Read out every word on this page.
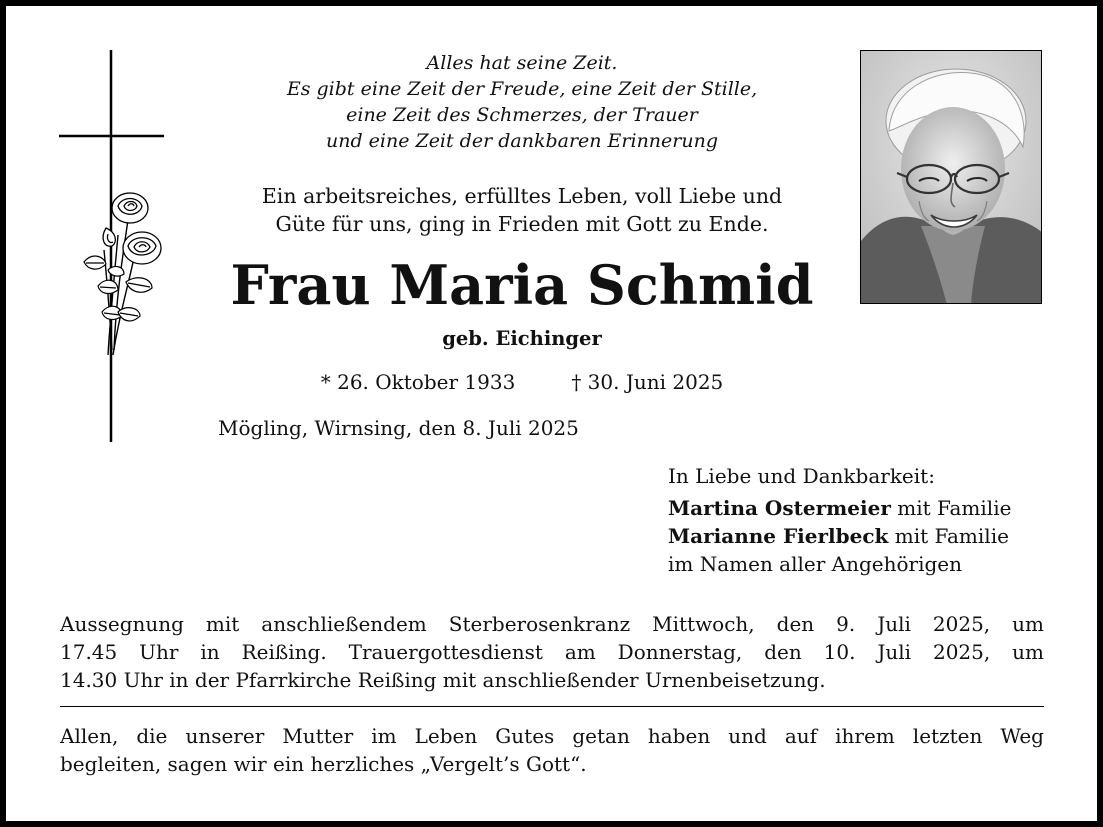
Alles hat seine Zeit.
Es gibt eine Zeit der Freude, eine Zeit der Stille,
eine Zeit des Schmerzes, der Trauer
und eine Zeit der dankbaren Erinnerung
Ein arbeitsreiches, erfülltes Leben, voll Liebe und
Güte für uns, ging in Frieden mit Gott zu Ende.
Frau Maria Schmid
geb. Eichinger
* 26. Oktober 1933	† 30. Juni 2025
Mögling, Wirnsing, den 8. Juli 2025
In Liebe und Dankbarkeit:
Martina Ostermeier mit Familie
Marianne Fierlbeck mit Familie
im Namen aller Angehörigen
Aussegnung mit anschließendem Sterberosenkranz Mittwoch, den 9. Juli 2025, um
17.45 Uhr in Reißing. Trauergottesdienst am Donnerstag, den 10. Juli 2025, um
14.30 Uhr in der Pfarrkirche Reißing mit anschließender Urnenbeisetzung.
Allen, die unserer Mutter im Leben Gutes getan haben und auf ihrem letzten Weg
begleiten, sagen wir ein herzliches „Vergelt’s Gott“.
